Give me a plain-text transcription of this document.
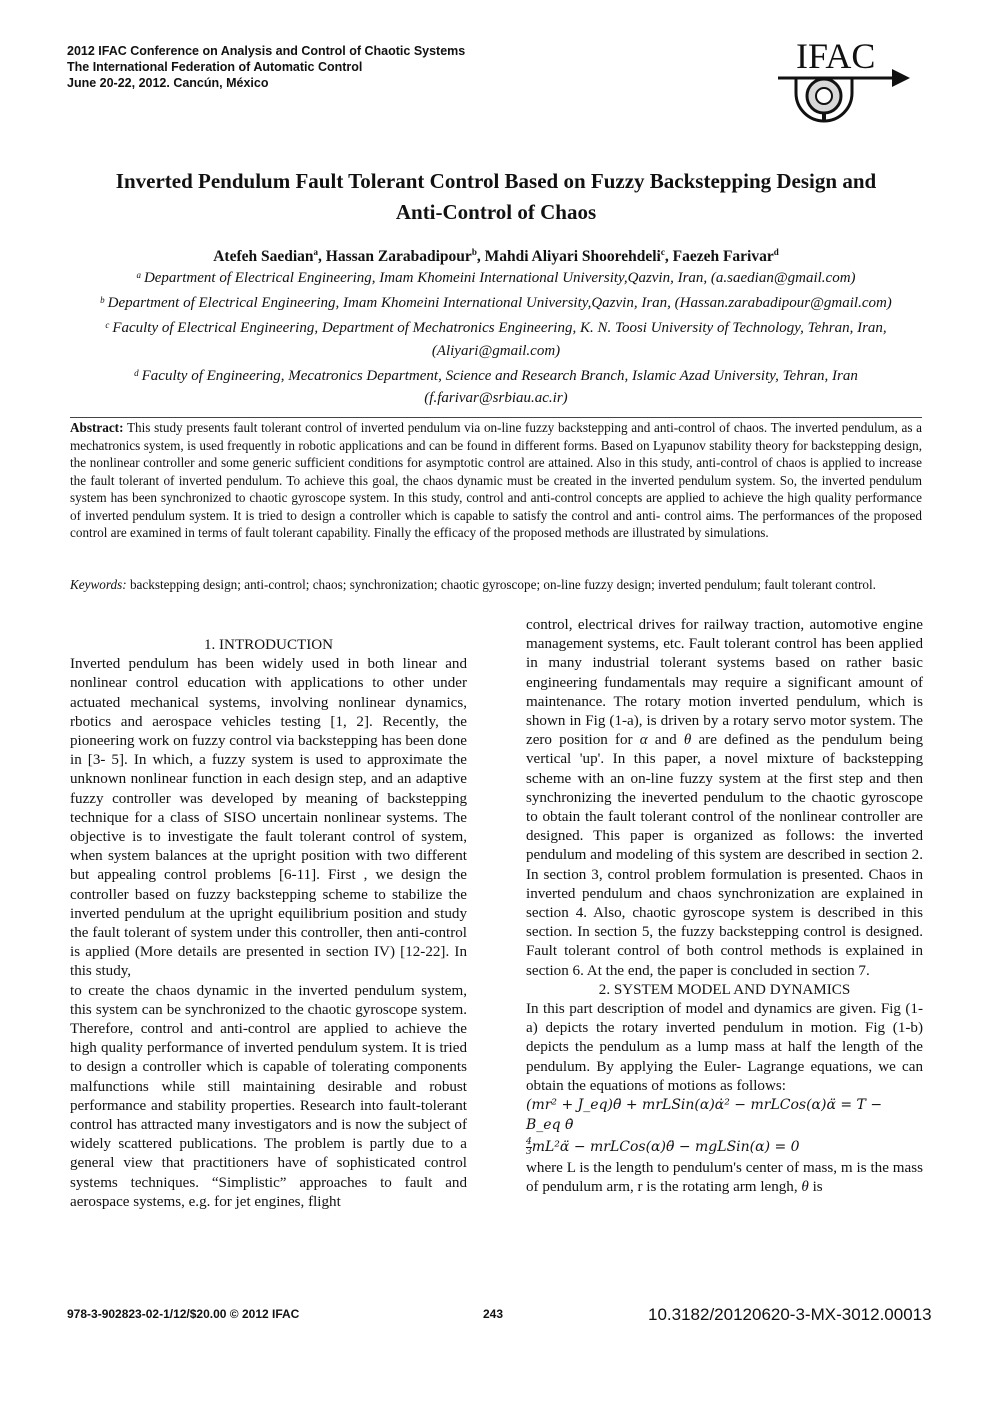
2012 IFAC Conference on Analysis and Control of Chaotic Systems
The International Federation of Automatic Control
June 20-22, 2012. Cancún, México
IFAC
Inverted Pendulum Fault Tolerant Control Based on Fuzzy Backstepping Design and
Anti-Control of Chaos
Atefeh Saedian$^a$, Hassan Zarabadipour$^b$, Mahdi Aliyari Shoorehdeli$^c$, Faezeh Farivar$^d$

$^a$ Department of Electrical Engineering, Imam Khomeini International University,Qazvin, Iran, (a.saedian@gmail.com)

$^b$ Department of Electrical Engineering, Imam Khomeini International University,Qazvin, Iran, (Hassan.zarabadipour@gmail.com)

$^c$ Faculty of Electrical Engineering, Department of Mechatronics Engineering, K. N. Toosi University of Technology, Tehran, Iran, (Aliyari@gmail.com)

$^d$ Faculty of Engineering, Mecatronics Department, Science and Research Branch, Islamic Azad University, Tehran, Iran (f.farivar@srbiau.ac.ir)

Abstract: This study presents fault tolerant control of inverted pendulum via on-line fuzzy backstepping and anti-control of chaos. The inverted pendulum, as a mechatronics system, is used frequently in robotic applications and can be found in different forms. Based on Lyapunov stability theory for backstepping design, the nonlinear controller and some generic sufficient conditions for asymptotic control are attained. Also in this study, anti-control of chaos is applied to increase the fault tolerant of inverted pendulum. To achieve this goal, the chaos dynamic must be created in the inverted pendulum system. So, the inverted pendulum system has been synchronized to chaotic gyroscope system. In this study, control and anti-control concepts are applied to achieve the high quality performance of inverted pendulum system. It is tried to design a controller which is capable to satisfy the control and anti- control aims. The performances of the proposed control are examined in terms of fault tolerant capability. Finally the efficacy of the proposed methods are illustrated by simulations.
Keywords: backstepping design; anti-control; chaos; synchronization; chaotic gyroscope; on-line fuzzy design; inverted pendulum; fault tolerant control.
1. INTRODUCTION

Inverted pendulum has been widely used in both linear and nonlinear control education with applications to other under actuated mechanical systems, involving nonlinear dynamics, rbotics and aerospace vehicles testing [1, 2]. Recently, the pioneering work on fuzzy control via backstepping has been done in [3- 5]. In which, a fuzzy system is used to approximate the unknown nonlinear function in each design step, and an adaptive fuzzy controller was developed by meaning of backstepping technique for a class of SISO uncertain nonlinear systems. The objective is to investigate the fault tolerant control of system, when system balances at the upright position with two different but appealing control problems [6-11]. First , we design the controller based on fuzzy backstepping scheme to stabilize the inverted pendulum at the upright equilibrium position and study the fault tolerant of system under this controller, then anti-control is applied (More details are presented in section IV) [12-22]. In this study,

to create the chaos dynamic in the inverted pendulum system, this system can be synchronized to the chaotic gyroscope system. Therefore, control and anti-control are applied to achieve the high quality performance of inverted pendulum system. It is tried to design a controller which is capable of tolerating components malfunctions while still maintaining desirable and robust performance and stability properties. Research into fault-tolerant control has attracted many investigators and is now the subject of widely scattered publications. The problem is partly due to a general view that practitioners have of sophisticated control systems techniques. “Simplistic” approaches to fault and aerospace systems, e.g. for jet engines, flight

control, electrical drives for railway traction, automotive engine management systems, etc. Fault tolerant control has been applied in many industrial tolerant systems based on rather basic engineering fundamentals may require a significant amount of maintenance. The rotary motion inverted pendulum, which is shown in Fig (1-a), is driven by a rotary servo motor system. The zero position for α and θ are defined as the pendulum being vertical 'up'. In this paper, a novel mixture of backstepping scheme with an on-line fuzzy system at the first step and then synchronizing the ineverted pendulum to the chaotic gyroscope to obtain the fault tolerant control of the nonlinear controller are designed. This paper is organized as follows: the inverted pendulum and modeling of this system are described in section 2. In section 3, control problem formulation is presented. Chaos in inverted pendulum and chaos synchronization are explained in section 4. Also, chaotic gyroscope system is described in this section. In section 5, the fuzzy backstepping control is designed. Fault tolerant control of both control methods is explained in section 6. At the end, the paper is concluded in section 7.

2. SYSTEM MODEL AND DYNAMICS

In this part description of model and dynamics are given. Fig (1-a) depicts the rotary inverted pendulum in motion. Fig (1-b) depicts the pendulum as a lump mass at half the length of the pendulum. By applying the Euler- Lagrange equations, we can obtain the equations of motions as follows:

(mr² + J_eq)θ̈ + mrLSin(α)α̇² − mrLCos(α)α̈ = T −
B_eq θ̇
$\frac{4}{3}$ mL²α̈ − mrLCos(α)θ̈ − mgLSin(α) = 0

where L is the length to pendulum's center of mass, m is the mass of pendulum arm, r is the rotating arm lengh, θ is

978-3-902823-02-1/12/$20.00 © 2012 IFAC	243	10.3182/20120620-3-MX-3012.00013
